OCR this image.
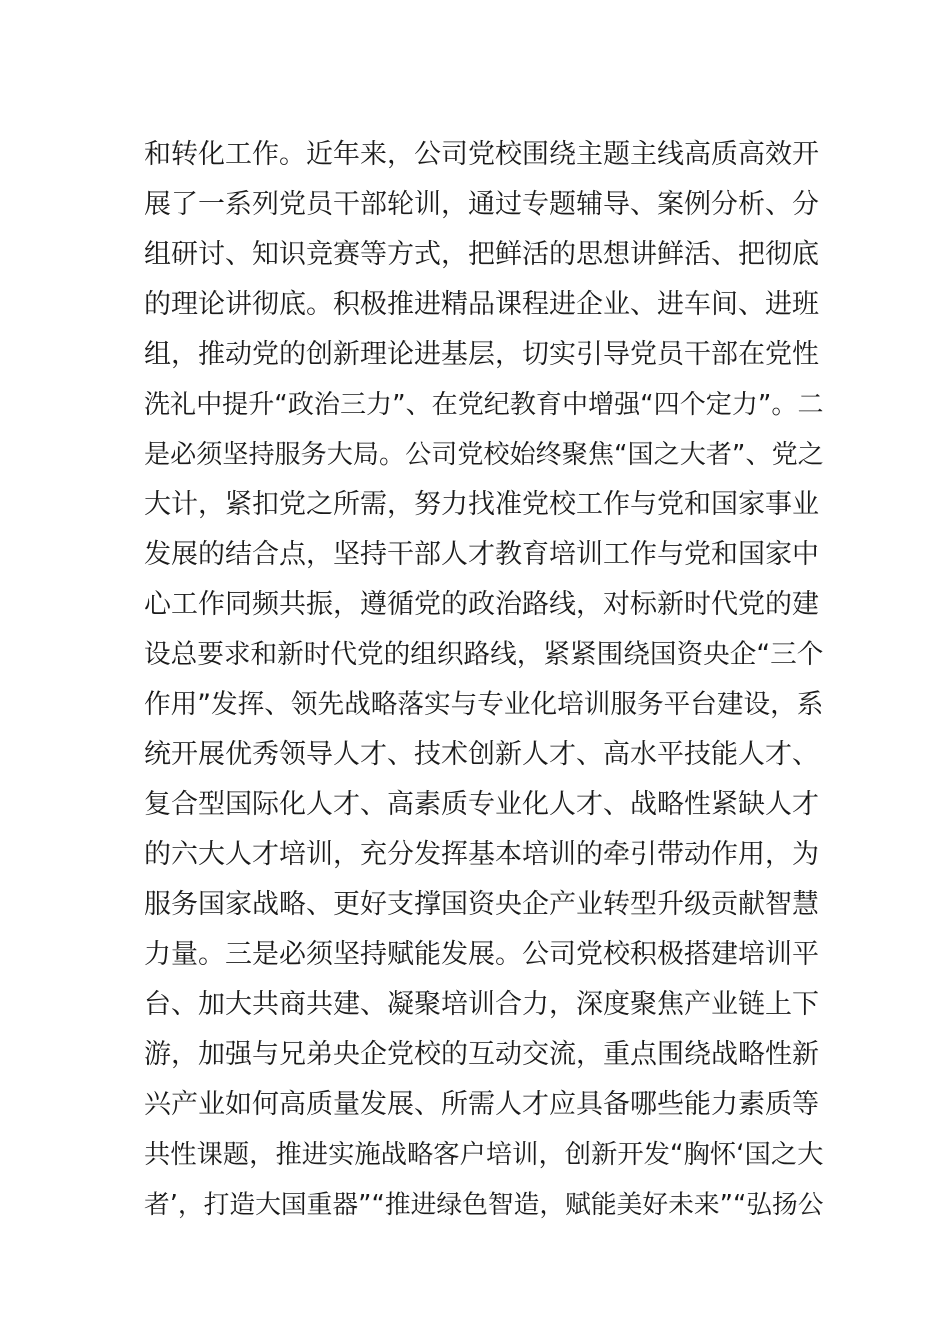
和转化工作。近年来，公司党校围绕主题主线高质高效开
展了一系列党员干部轮训，通过专题辅导、案例分析、分
组研讨、知识竞赛等方式，把鲜活的思想讲鲜活、把彻底
的理论讲彻底。积极推进精品课程进企业、进车间、进班
组，推动党的创新理论进基层，切实引导党员干部在党性
洗礼中提升“政治三力”、在党纪教育中增强“四个定力”。二
是必须坚持服务大局。公司党校始终聚焦“国之大者”、党之
大计，紧扣党之所需，努力找准党校工作与党和国家事业
发展的结合点，坚持干部人才教育培训工作与党和国家中
心工作同频共振，遵循党的政治路线，对标新时代党的建
设总要求和新时代党的组织路线，紧紧围绕国资央企“三个
作用”发挥、领先战略落实与专业化培训服务平台建设，系
统开展优秀领导人才、技术创新人才、高水平技能人才、
复合型国际化人才、高素质专业化人才、战略性紧缺人才
的六大人才培训，充分发挥基本培训的牵引带动作用，为
服务国家战略、更好支撑国资央企产业转型升级贡献智慧
力量。三是必须坚持赋能发展。公司党校积极搭建培训平
台、加大共商共建、凝聚培训合力，深度聚焦产业链上下
游，加强与兄弟央企党校的互动交流，重点围绕战略性新
兴产业如何高质量发展、所需人才应具备哪些能力素质等
共性课题，推进实施战略客户培训，创新开发“胸怀‘国之大
者’，打造大国重器”“推进绿色智造，赋能美好未来”“弘扬公
